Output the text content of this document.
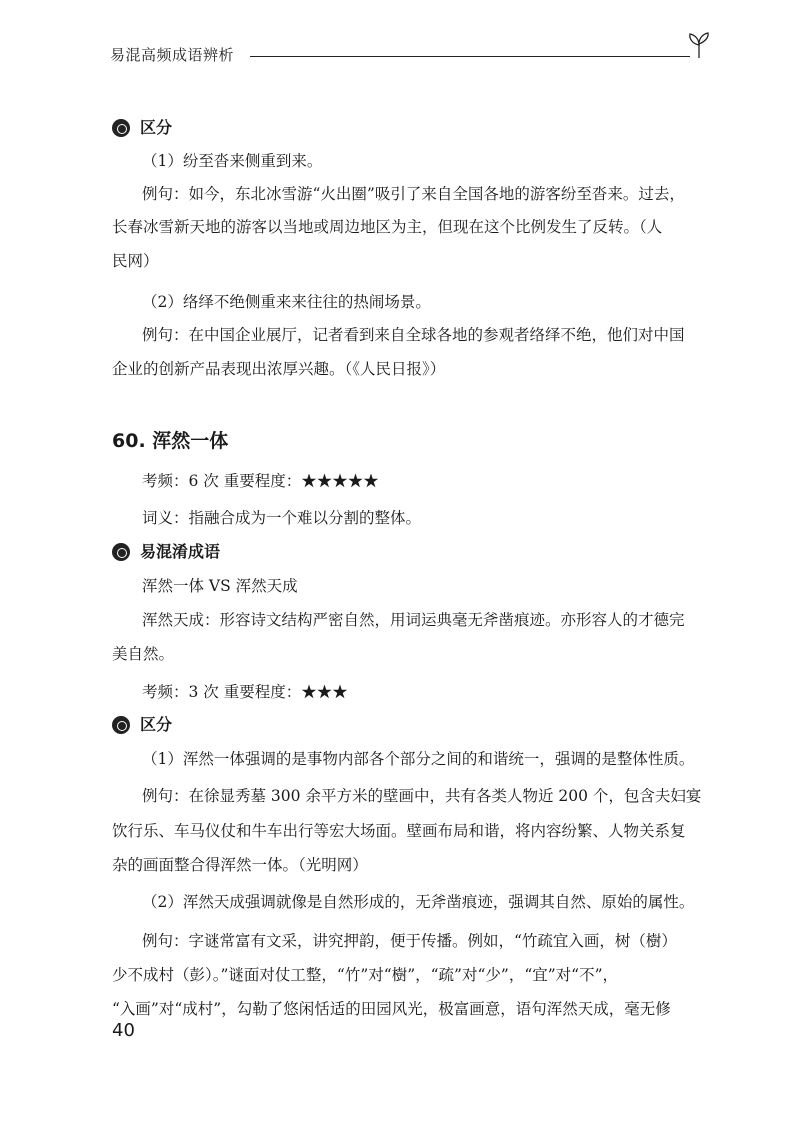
易混高频成语辨析
区分
（1）纷至沓来侧重到来。
例句：如今，东北冰雪游“火出圈”吸引了来自全国各地的游客纷至沓来。过去，
长春冰雪新天地的游客以当地或周边地区为主，但现在这个比例发生了反转。（人
民网）
（2）络绎不绝侧重来来往往的热闹场景。
例句：在中国企业展厅，记者看到来自全球各地的参观者络绎不绝，他们对中国
企业的创新产品表现出浓厚兴趣。（《人民日报》）
60. 浑然一体
考频：6 次 重要程度：★★★★★
词义：指融合成为一个难以分割的整体。
易混淆成语
浑然一体 VS 浑然天成
浑然天成：形容诗文结构严密自然，用词运典毫无斧凿痕迹。亦形容人的才德完
美自然。
考频：3 次 重要程度：★★★
区分
（1）浑然一体强调的是事物内部各个部分之间的和谐统一，强调的是整体性质。
例句：在徐显秀墓 300 余平方米的壁画中，共有各类人物近 200 个，包含夫妇宴
饮行乐、车马仪仗和牛车出行等宏大场面。壁画布局和谐，将内容纷繁、人物关系复
杂的画面整合得浑然一体。（光明网）
（2）浑然天成强调就像是自然形成的，无斧凿痕迹，强调其自然、原始的属性。
例句：字谜常富有文采，讲究押韵，便于传播。例如，“竹疏宜入画，树（樹）
少不成村（彭）。”谜面对仗工整，“竹”对“樹”，“疏”对“少”，“宜”对“不”，
“入画”对“成村”，勾勒了悠闲恬适的田园风光，极富画意，语句浑然天成，毫无修
40
